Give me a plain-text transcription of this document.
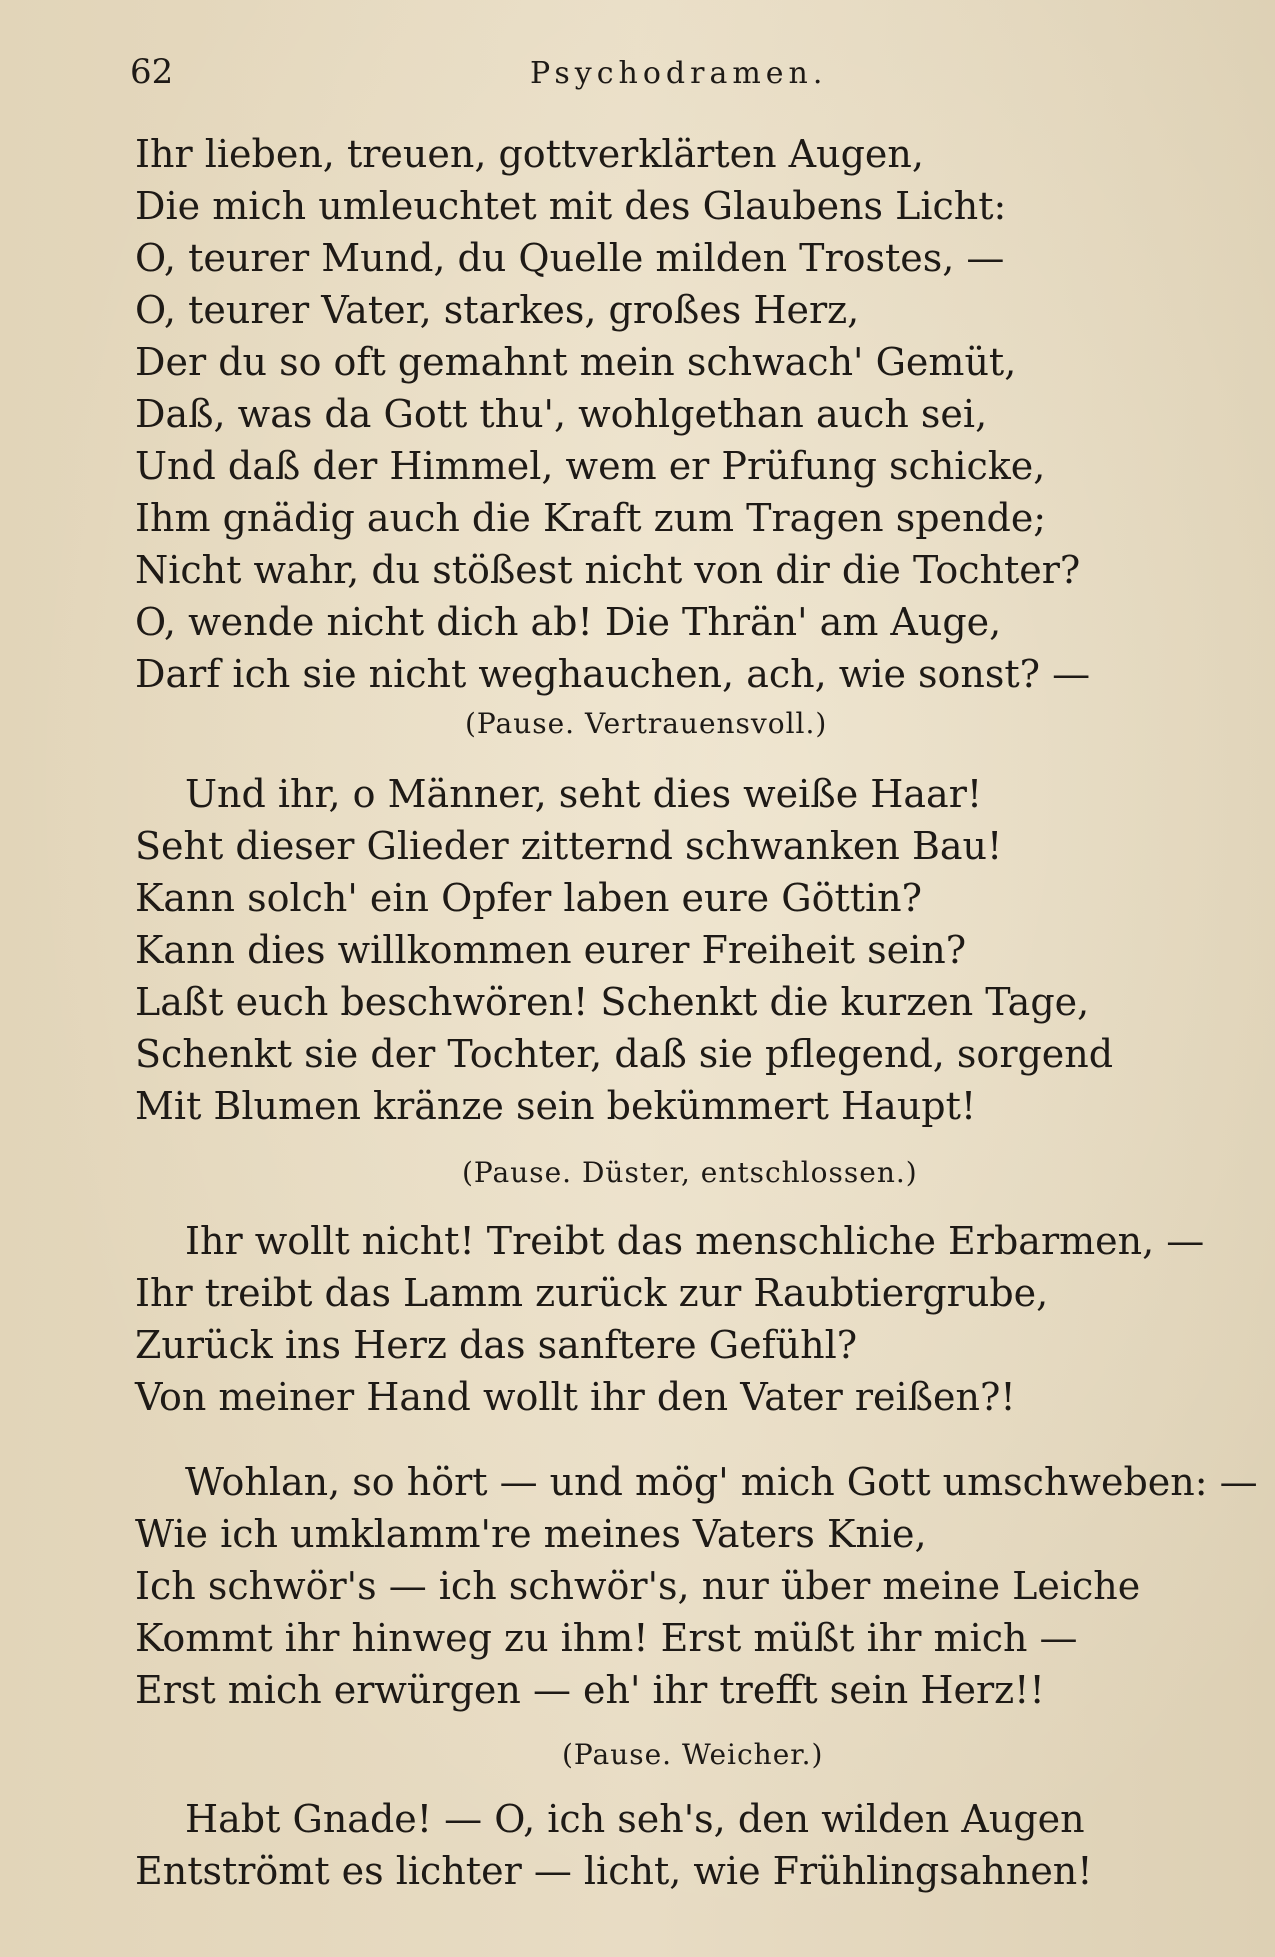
62	Psychodramen.
Ihr lieben, treuen, gottverklärten Augen,
Die mich umleuchtet mit des Glaubens Licht:
O, teurer Mund, du Quelle milden Trostes, —
O, teurer Vater, starkes, großes Herz,
Der du so oft gemahnt mein schwach' Gemüt,
Daß, was da Gott thu', wohlgethan auch sei,
Und daß der Himmel, wem er Prüfung schicke,
Ihm gnädig auch die Kraft zum Tragen spende;
Nicht wahr, du stößest nicht von dir die Tochter?
O, wende nicht dich ab! Die Thrän' am Auge,
Darf ich sie nicht weghauchen, ach, wie sonst? —
(Pause. Vertrauensvoll.)
Und ihr, o Männer, seht dies weiße Haar!
Seht dieser Glieder zitternd schwanken Bau!
Kann solch' ein Opfer laben eure Göttin?
Kann dies willkommen eurer Freiheit sein?
Laßt euch beschwören! Schenkt die kurzen Tage,
Schenkt sie der Tochter, daß sie pflegend, sorgend
Mit Blumen kränze sein bekümmert Haupt!
(Pause. Düster, entschlossen.)
Ihr wollt nicht! Treibt das menschliche Erbarmen, —
Ihr treibt das Lamm zurück zur Raubtiergrube,
Zurück ins Herz das sanftere Gefühl?
Von meiner Hand wollt ihr den Vater reißen?!
Wohlan, so hört — und mög' mich Gott umschweben: —
Wie ich umklamm're meines Vaters Knie,
Ich schwör's — ich schwör's, nur über meine Leiche
Kommt ihr hinweg zu ihm! Erst müßt ihr mich —
Erst mich erwürgen — eh' ihr trefft sein Herz!!
(Pause. Weicher.)
Habt Gnade! — O, ich seh's, den wilden Augen
Entströmt es lichter — licht, wie Frühlingsahnen!
